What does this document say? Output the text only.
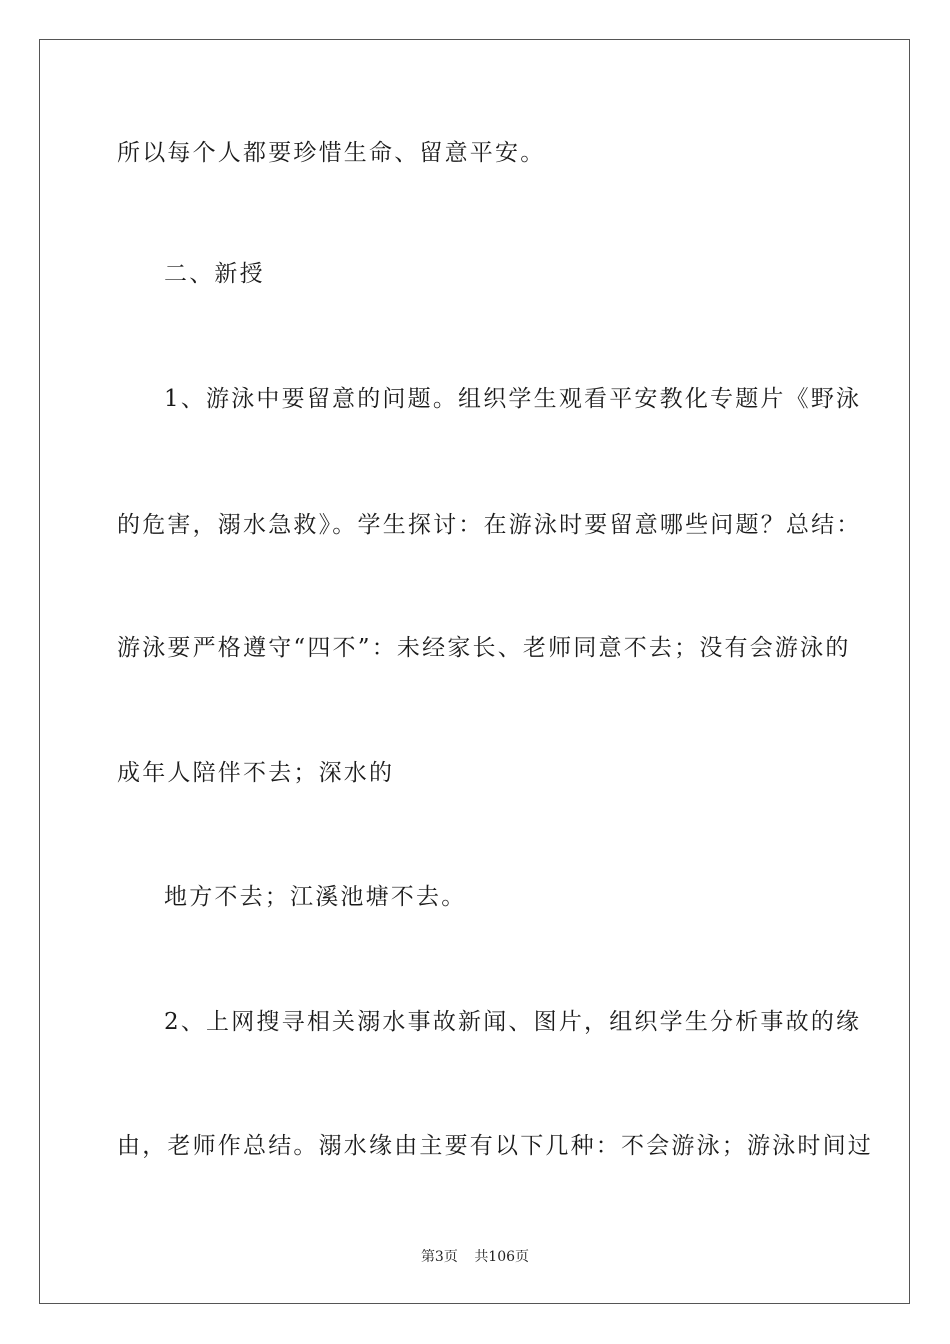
所以每个人都要珍惜生命、留意平安。
二、新授
1、游泳中要留意的问题。组织学生观看平安教化专题片《野泳
的危害，溺水急救》。学生探讨：在游泳时要留意哪些问题？总结：
游泳要严格遵守“四不”：未经家长、老师同意不去；没有会游泳的
成年人陪伴不去；深水的
地方不去；江溪池塘不去。
2、上网搜寻相关溺水事故新闻、图片，组织学生分析事故的缘
由，老师作总结。溺水缘由主要有以下几种：不会游泳；游泳时间过
第3页 共106页
